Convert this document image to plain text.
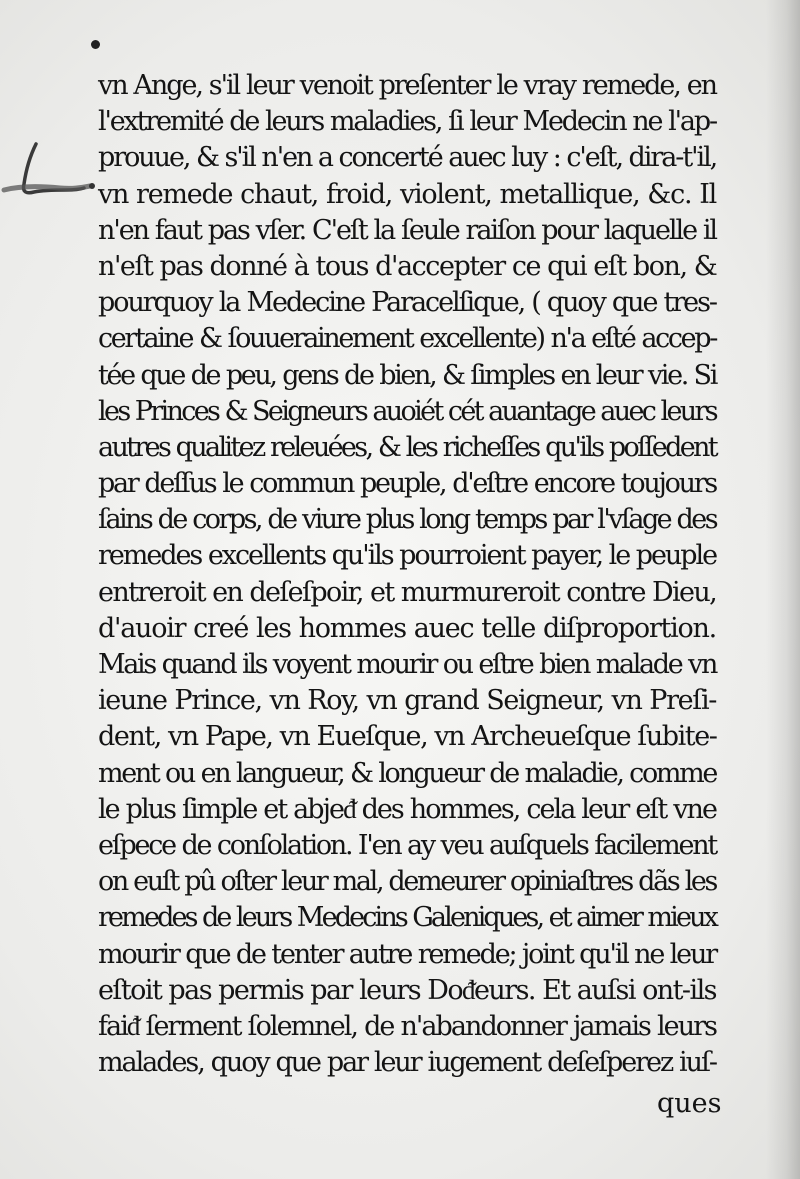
vn Ange, s'il leur venoit preſenter le vray remede, en
l'extremité de leurs maladies, ſi leur Medecin ne l'ap-
prouue, & s'il n'en a concerté auec luy : c'eſt, dira-t'il,
vn remede chaut, froid, violent, metallique, &c. Il
n'en faut pas vſer. C'eſt la ſeule raiſon pour laquelle il
n'eſt pas donné à tous d'accepter ce qui eſt bon, &
pourquoy la Medecine Paracelſique, ( quoy que tres-
certaine & ſouuerainement excellente) n'a eſté accep-
tée que de peu, gens de bien, & ſimples en leur vie. Si
les Princes & Seigneurs auoiét cét auantage auec leurs
autres qualitez releuées, & les richeſſes qu'ils poſſedent
par deſſus le commun peuple, d'eſtre encore toujours
ſains de corps, de viure plus long temps par l'vſage des
remedes excellents qu'ils pourroient payer, le peuple
entreroit en deſeſpoir, et murmureroit contre Dieu,
d'auoir creé les hommes auec telle diſproportion.
Mais quand ils voyent mourir ou eſtre bien malade vn
ieune Prince, vn Roy, vn grand Seigneur, vn Preſi-
dent, vn Pape, vn Eueſque, vn Archeueſque ſubite-
ment ou en langueur, & longueur de maladie, comme
le plus ſimple et abjeᵭ des hommes, cela leur eſt vne
eſpece de conſolation. I'en ay veu auſquels facilement
on euſt pû oſter leur mal, demeurer opiniaſtres dãs les
remedes de leurs Medecins Galeniques, et aimer mieux
mourir que de tenter autre remede; joint qu'il ne leur
eſtoit pas permis par leurs Doᵭeurs. Et auſsi ont-ils
faiᵭ ſerment ſolemnel, de n'abandonner jamais leurs
malades, quoy que par leur iugement deſeſperez iuſ-
ques
